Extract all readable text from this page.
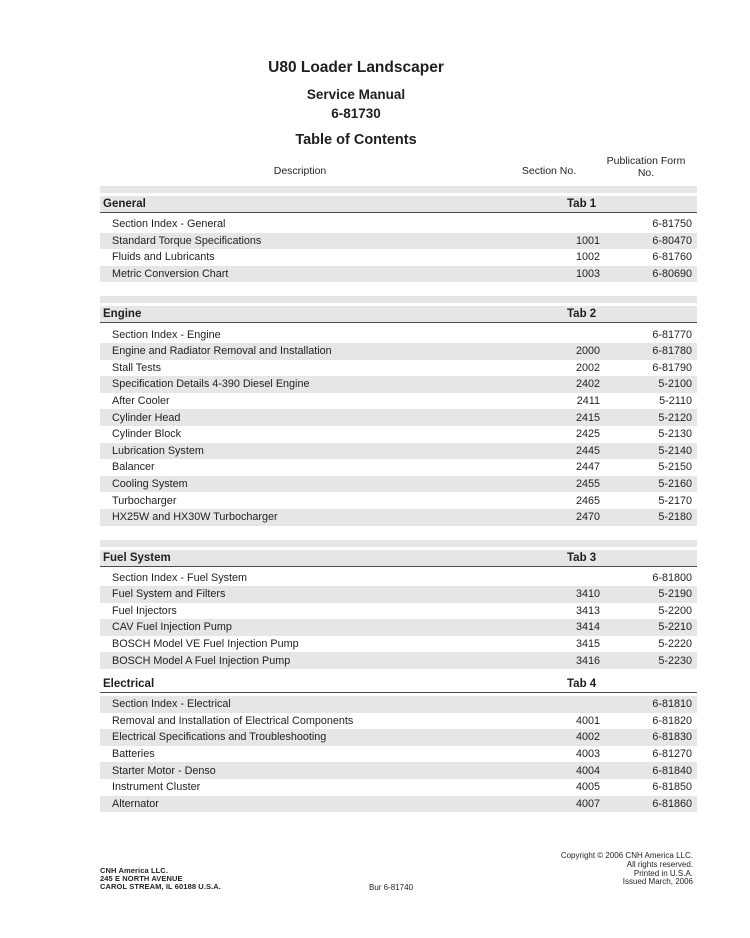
U80 Loader Landscaper
Service Manual
6-81730
Table of Contents
Description	Section No.
Publication Form
No.
General	Tab 1
Section Index - General	6-81750
Standard Torque Specifications	1001	6-80470
Fluids and Lubricants	1002	6-81760
Metric Conversion Chart	1003	6-80690
Engine	Tab 2
Section Index - Engine	6-81770
Engine and Radiator Removal and Installation	2000	6-81780
Stall Tests	2002	6-81790
Specification Details 4-390 Diesel Engine	2402	5-2100
After Cooler	2411	5-2110
Cylinder Head	2415	5-2120
Cylinder Block	2425	5-2130
Lubrication System	2445	5-2140
Balancer	2447	5-2150
Cooling System	2455	5-2160
Turbocharger	2465	5-2170
HX25W and HX30W Turbocharger	2470	5-2180
Fuel System	Tab 3
Section Index - Fuel System	6-81800
Fuel System and Filters	3410	5-2190
Fuel Injectors	3413	5-2200
CAV Fuel Injection Pump	3414	5-2210
BOSCH Model VE Fuel Injection Pump	3415	5-2220
BOSCH Model A Fuel Injection Pump	3416	5-2230
Electrical	Tab 4
Section Index - Electrical	6-81810
Removal and Installation of Electrical Components	4001	6-81820
Electrical Specifications and Troubleshooting	4002	6-81830
Batteries	4003	6-81270
Starter Motor - Denso	4004	6-81840
Instrument Cluster	4005	6-81850
Alternator	4007	6-81860
CNH America LLC.
245 E NORTH AVENUE
CAROL STREAM, IL 60188 U.S.A.	Bur 6-81740
Copyright © 2006 CNH America LLC.
All rights reserved.
Printed in U.S.A.
Issued March, 2006
